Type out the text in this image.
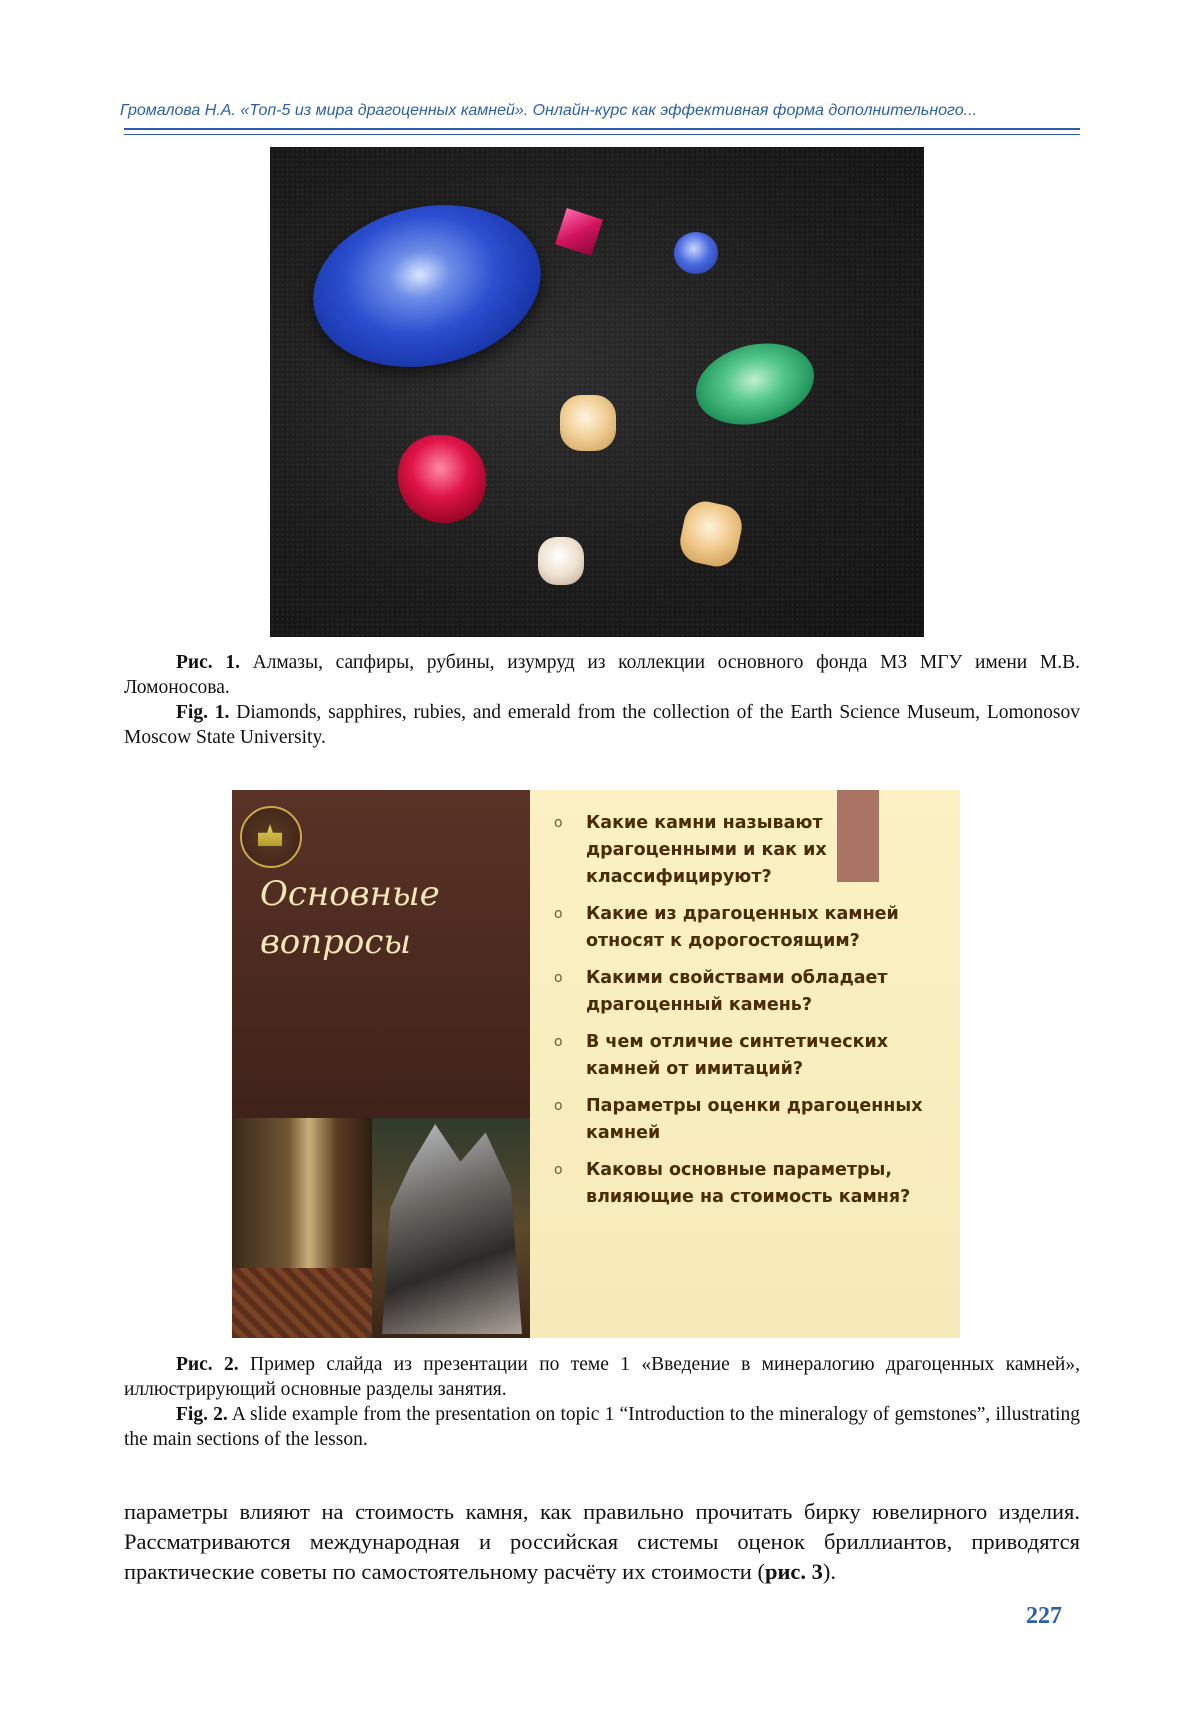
Громалова Н.А. «Топ-5 из мира драгоценных камней». Онлайн-курс как эффективная форма дополнительного...

Рис. 1. Алмазы, сапфиры, рубины, изумруд из коллекции основного фонда МЗ МГУ имени М.В. Ломоносова.

Fig. 1. Diamonds, sapphires, rubies, and emerald from the collection of the Earth Science Museum, Lomonosov Moscow State University.

Основные вопросы
o Какие камни называют драгоценными и как их классифицируют?
o Какие из драгоценных камней относят к дорогостоящим?
o Какими свойствами обладает драгоценный камень?
o В чем отличие синтетических камней от имитаций?
o Параметры оценки драгоценных камней
o Каковы основные параметры, влияющие на стоимость камня?

Рис. 2. Пример слайда из презентации по теме 1 «Введение в минералогию драгоценных камней», иллюстрирующий основные разделы занятия.

Fig. 2. A slide example from the presentation on topic 1 “Introduction to the mineralogy of gemstones”, illustrating the main sections of the lesson.

параметры влияют на стоимость камня, как правильно прочитать бирку ювелирного изделия. Рассматриваются международная и российская системы оценок бриллиантов, приводятся практические советы по самостоятельному расчёту их стоимости (рис. 3).
227
